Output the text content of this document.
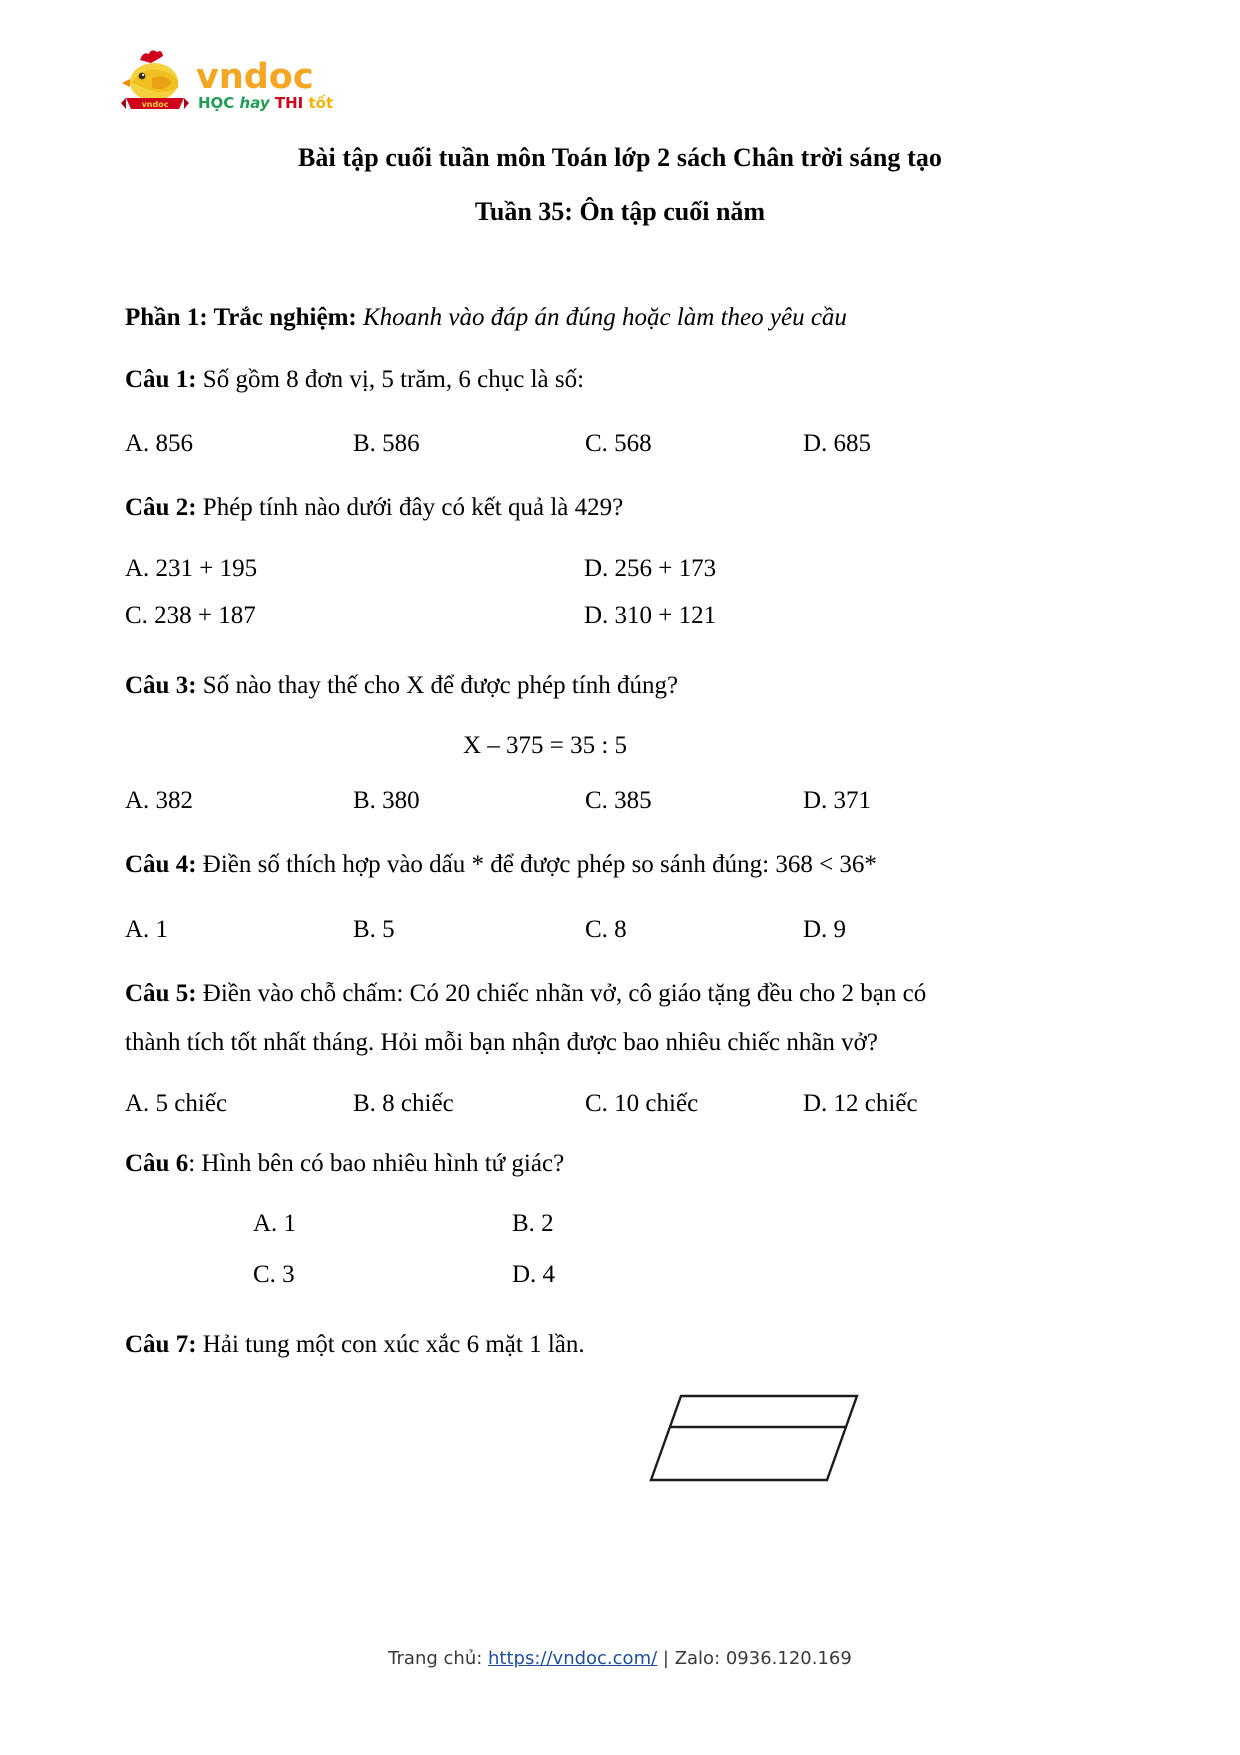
vndoc
vndoc
HỌC hay THI tốt
Bài tập cuối tuần môn Toán lớp 2 sách Chân trời sáng tạo
Tuần 35: Ôn tập cuối năm
Phần 1: Trắc nghiệm: Khoanh vào đáp án đúng hoặc làm theo yêu cầu
Câu 1: Số gồm 8 đơn vị, 5 trăm, 6 chục là số:
A. 856	B. 586	C. 568	D. 685
Câu 2: Phép tính nào dưới đây có kết quả là 429?
A. 231 + 195	D. 256 + 173
C. 238 + 187	D. 310 + 121
Câu 3: Số nào thay thế cho X để được phép tính đúng?
X – 375 = 35 : 5
A. 382	B. 380	C. 385	D. 371
Câu 4: Điền số thích hợp vào dấu * để được phép so sánh đúng: 368 < 36*
A. 1	B. 5	C. 8	D. 9
Câu 5: Điền vào chỗ chấm: Có 20 chiếc nhãn vở, cô giáo tặng đều cho 2 bạn có
thành tích tốt nhất tháng. Hỏi mỗi bạn nhận được bao nhiêu chiếc nhãn vở?
A. 5 chiếc	B. 8 chiếc	C. 10 chiếc	D. 12 chiếc
Câu 6: Hình bên có bao nhiêu hình tứ giác?
A. 1	B. 2
C. 3	D. 4
Câu 7: Hải tung một con xúc xắc 6 mặt 1 lần.
Trang chủ: https://vndoc.com/ | Zalo: 0936.120.169
